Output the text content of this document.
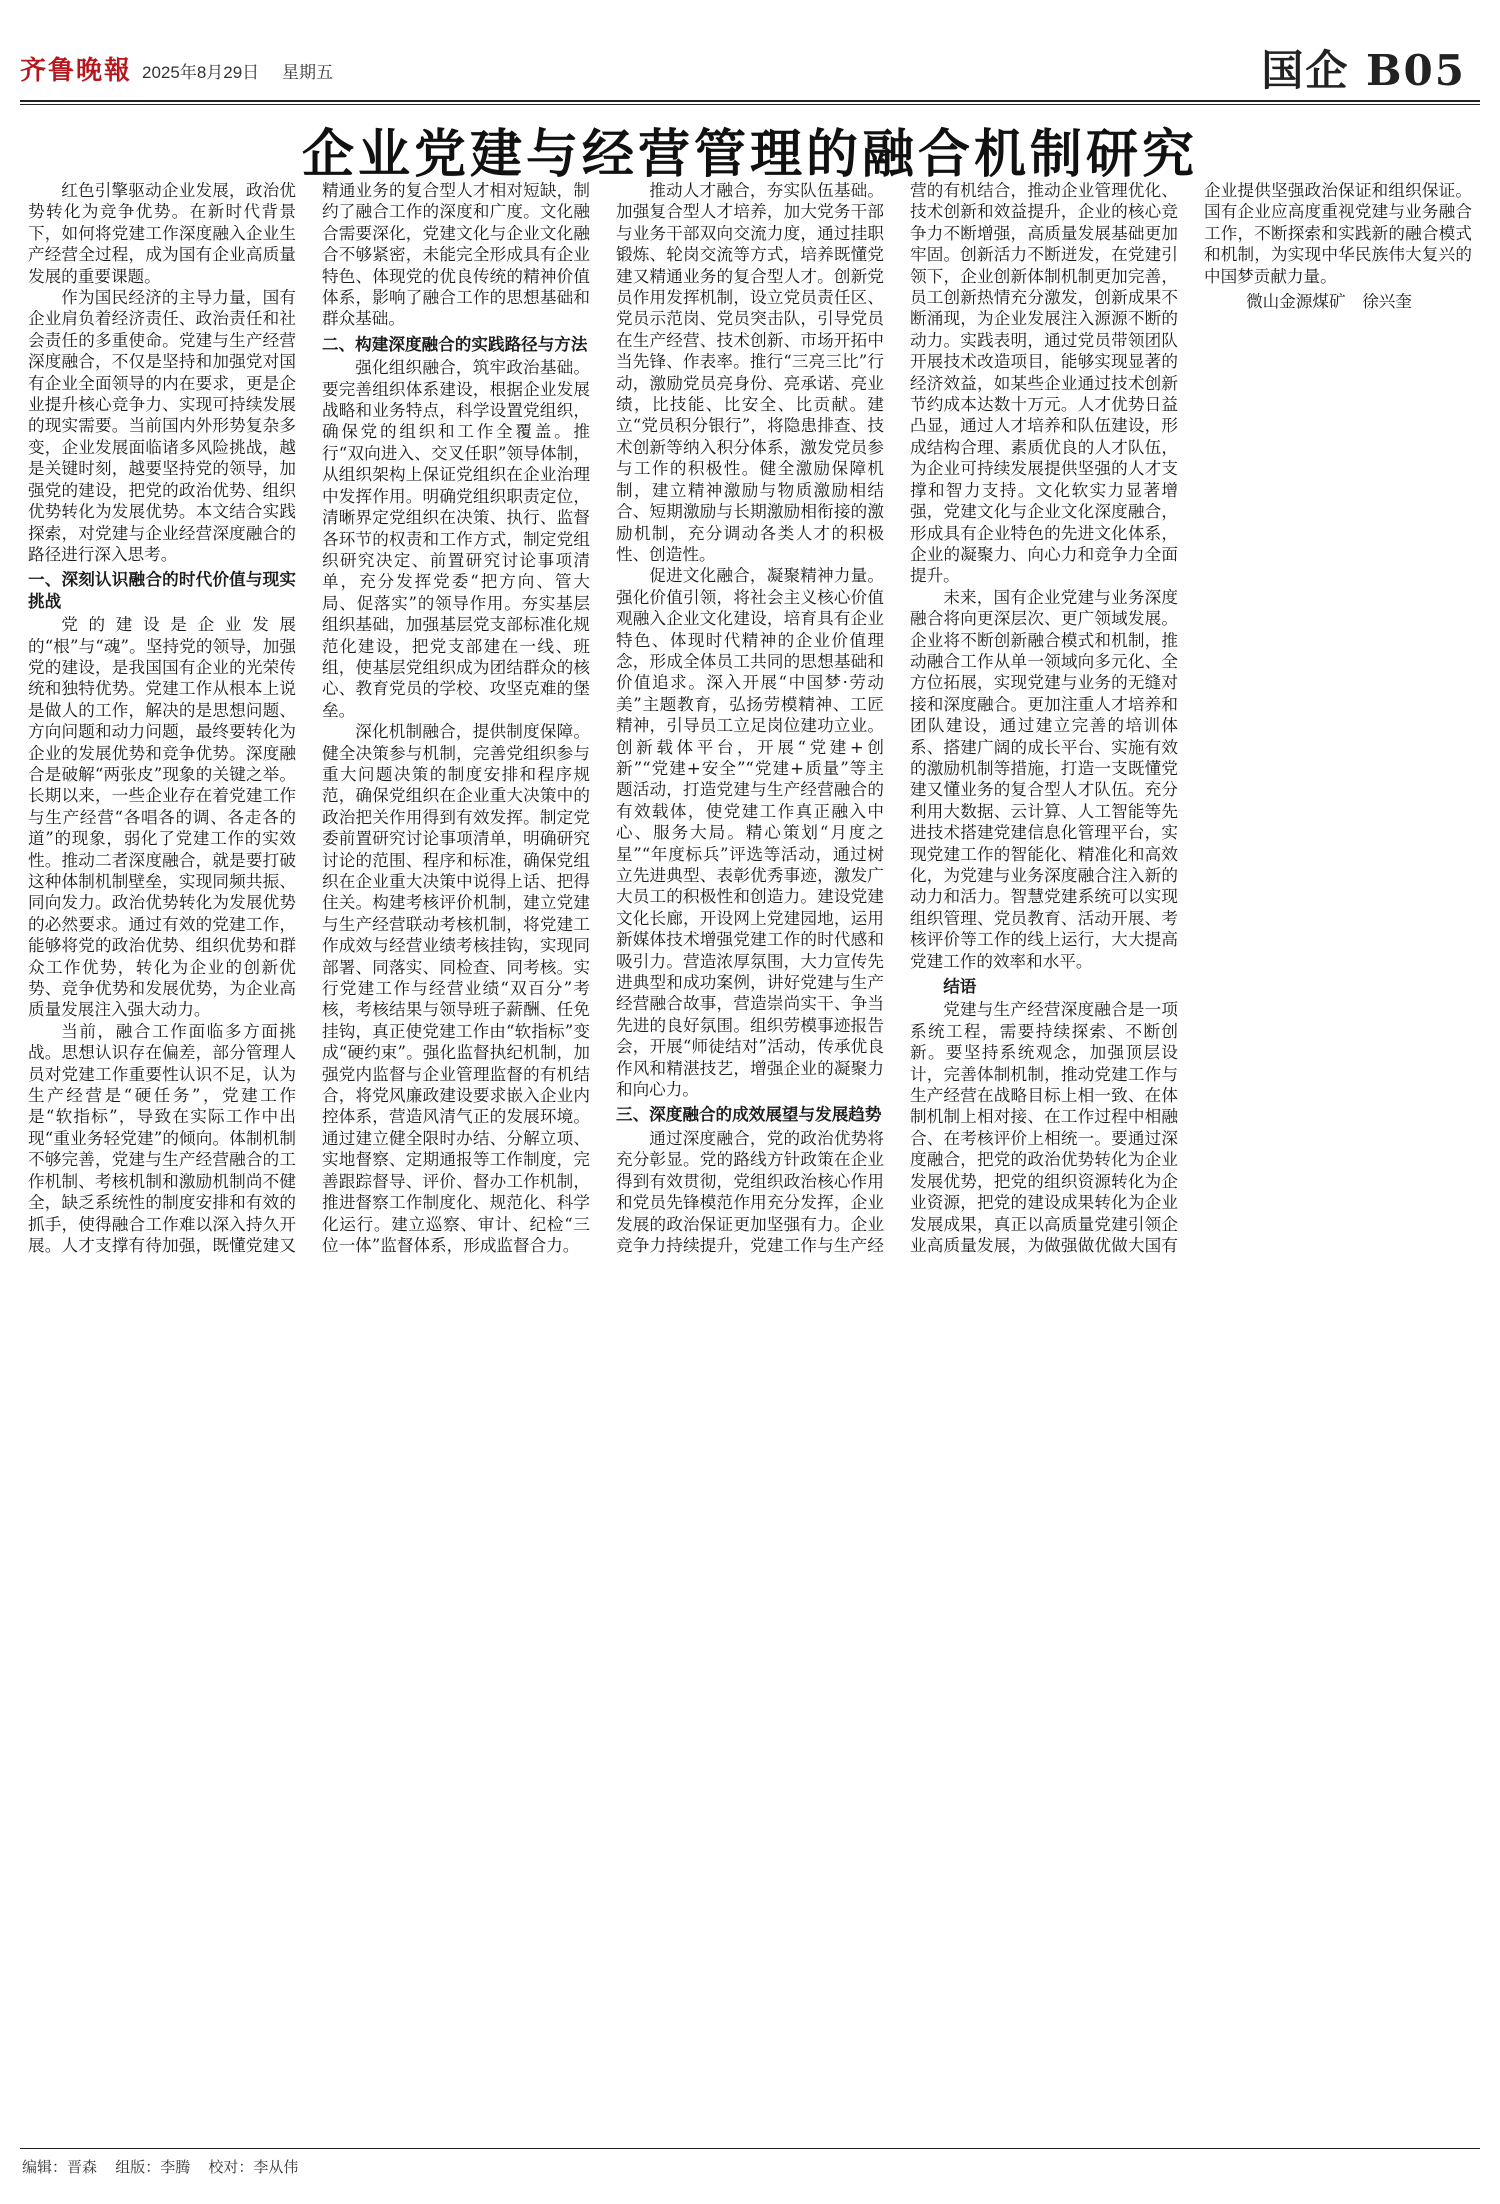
齐鲁晚報 2025年8月29日 星期五	国企 B05
企业党建与经营管理的融合机制研究

红色引擎驱动企业发展，政治优势转化为竞争优势。在新时代背景下，如何将党建工作深度融入企业生产经营全过程，成为国有企业高质量发展的重要课题。

作为国民经济的主导力量，国有企业肩负着经济责任、政治责任和社会责任的多重使命。党建与生产经营深度融合，不仅是坚持和加强党对国有企业全面领导的内在要求，更是企业提升核心竞争力、实现可持续发展的现实需要。当前国内外形势复杂多变，企业发展面临诸多风险挑战，越是关键时刻，越要坚持党的领导，加强党的建设，把党的政治优势、组织优势转化为发展优势。本文结合实践探索，对党建与企业经营深度融合的路径进行深入思考。

一、深刻认识融合的时代价值与现实挑战

党的建设是企业发展的“根”与“魂”。坚持党的领导，加强党的建设，是我国国有企业的光荣传统和独特优势。党建工作从根本上说是做人的工作，解决的是思想问题、方向问题和动力问题，最终要转化为企业的发展优势和竞争优势。深度融合是破解“两张皮”现象的关键之举。长期以来，一些企业存在着党建工作与生产经营“各唱各的调、各走各的道”的现象，弱化了党建工作的实效性。推动二者深度融合，就是要打破这种体制机制壁垒，实现同频共振、同向发力。政治优势转化为发展优势的必然要求。通过有效的党建工作，能够将党的政治优势、组织优势和群众工作优势，转化为企业的创新优势、竞争优势和发展优势，为企业高质量发展注入强大动力。

当前，融合工作面临多方面挑战。思想认识存在偏差，部分管理人员对党建工作重要性认识不足，认为生产经营是“硬任务”，党建工作是“软指标”，导致在实际工作中出现“重业务轻党建”的倾向。体制机制不够完善，党建与生产经营融合的工作机制、考核机制和激励机制尚不健全，缺乏系统性的制度安排和有效的抓手，使得融合工作难以深入持久开展。人才支撑有待加强，既懂党建又精通业务的复合型人才相对短缺，制约了融合工作的深度和广度。文化融合需要深化，党建文化与企业文化融合不够紧密，未能完全形成具有企业特色、体现党的优良传统的精神价值体系，影响了融合工作的思想基础和群众基础。

二、构建深度融合的实践路径与方法

强化组织融合，筑牢政治基础。要完善组织体系建设，根据企业发展战略和业务特点，科学设置党组织，确保党的组织和工作全覆盖。推行“双向进入、交叉任职”领导体制，从组织架构上保证党组织在企业治理中发挥作用。明确党组织职责定位，清晰界定党组织在决策、执行、监督各环节的权责和工作方式，制定党组织研究决定、前置研究讨论事项清单，充分发挥党委“把方向、管大局、促落实”的领导作用。夯实基层组织基础，加强基层党支部标准化规范化建设，把党支部建在一线、班组，使基层党组织成为团结群众的核心、教育党员的学校、攻坚克难的堡垒。

深化机制融合，提供制度保障。健全决策参与机制，完善党组织参与重大问题决策的制度安排和程序规范，确保党组织在企业重大决策中的政治把关作用得到有效发挥。制定党委前置研究讨论事项清单，明确研究讨论的范围、程序和标准，确保党组织在企业重大决策中说得上话、把得住关。构建考核评价机制，建立党建与生产经营联动考核机制，将党建工作成效与经营业绩考核挂钩，实现同部署、同落实、同检查、同考核。实行党建工作与经营业绩“双百分”考核，考核结果与领导班子薪酬、任免挂钩，真正使党建工作由“软指标”变成“硬约束”。强化监督执纪机制，加强党内监督与企业管理监督的有机结合，将党风廉政建设要求嵌入企业内控体系，营造风清气正的发展环境。通过建立健全限时办结、分解立项、实地督察、定期通报等工作制度，完善跟踪督导、评价、督办工作机制，推进督察工作制度化、规范化、科学化运行。建立巡察、审计、纪检“三位一体”监督体系，形成监督合力。

推动人才融合，夯实队伍基础。加强复合型人才培养，加大党务干部与业务干部双向交流力度，通过挂职锻炼、轮岗交流等方式，培养既懂党建又精通业务的复合型人才。创新党员作用发挥机制，设立党员责任区、党员示范岗、党员突击队，引导党员在生产经营、技术创新、市场开拓中当先锋、作表率。推行“三亮三比”行动，激励党员亮身份、亮承诺、亮业绩，比技能、比安全、比贡献。建立“党员积分银行”，将隐患排查、技术创新等纳入积分体系，激发党员参与工作的积极性。健全激励保障机制，建立精神激励与物质激励相结合、短期激励与长期激励相衔接的激励机制，充分调动各类人才的积极性、创造性。

促进文化融合，凝聚精神力量。强化价值引领，将社会主义核心价值观融入企业文化建设，培育具有企业特色、体现时代精神的企业价值理念，形成全体员工共同的思想基础和价值追求。深入开展“中国梦·劳动美”主题教育，弘扬劳模精神、工匠精神，引导员工立足岗位建功立业。创新载体平台，开展“党建+创新”“党建+安全”“党建+质量”等主题活动，打造党建与生产经营融合的有效载体，使党建工作真正融入中心、服务大局。精心策划“月度之星”“年度标兵”评选等活动，通过树立先进典型、表彰优秀事迹，激发广大员工的积极性和创造力。建设党建文化长廊，开设网上党建园地，运用新媒体技术增强党建工作的时代感和吸引力。营造浓厚氛围，大力宣传先进典型和成功案例，讲好党建与生产经营融合故事，营造崇尚实干、争当先进的良好氛围。组织劳模事迹报告会，开展“师徒结对”活动，传承优良作风和精湛技艺，增强企业的凝聚力和向心力。

三、深度融合的成效展望与发展趋势

通过深度融合，党的政治优势将充分彰显。党的路线方针政策在企业得到有效贯彻，党组织政治核心作用和党员先锋模范作用充分发挥，企业发展的政治保证更加坚强有力。企业竞争力持续提升，党建工作与生产经营的有机结合，推动企业管理优化、技术创新和效益提升，企业的核心竞争力不断增强，高质量发展基础更加牢固。创新活力不断迸发，在党建引领下，企业创新体制机制更加完善，员工创新热情充分激发，创新成果不断涌现，为企业发展注入源源不断的动力。实践表明，通过党员带领团队开展技术改造项目，能够实现显著的经济效益，如某些企业通过技术创新节约成本达数十万元。人才优势日益凸显，通过人才培养和队伍建设，形成结构合理、素质优良的人才队伍，为企业可持续发展提供坚强的人才支撑和智力支持。文化软实力显著增强，党建文化与企业文化深度融合，形成具有企业特色的先进文化体系，企业的凝聚力、向心力和竞争力全面提升。

未来，国有企业党建与业务深度融合将向更深层次、更广领域发展。企业将不断创新融合模式和机制，推动融合工作从单一领域向多元化、全方位拓展，实现党建与业务的无缝对接和深度融合。更加注重人才培养和团队建设，通过建立完善的培训体系、搭建广阔的成长平台、实施有效的激励机制等措施，打造一支既懂党建又懂业务的复合型人才队伍。充分利用大数据、云计算、人工智能等先进技术搭建党建信息化管理平台，实现党建工作的智能化、精准化和高效化，为党建与业务深度融合注入新的动力和活力。智慧党建系统可以实现组织管理、党员教育、活动开展、考核评价等工作的线上运行，大大提高党建工作的效率和水平。

结语

党建与生产经营深度融合是一项系统工程，需要持续探索、不断创新。要坚持系统观念，加强顶层设计，完善体制机制，推动党建工作与生产经营在战略目标上相一致、在体制机制上相对接、在工作过程中相融合、在考核评价上相统一。要通过深度融合，把党的政治优势转化为企业发展优势，把党的组织资源转化为企业资源，把党的建设成果转化为企业发展成果，真正以高质量党建引领企业高质量发展，为做强做优做大国有企业提供坚强政治保证和组织保证。国有企业应高度重视党建与业务融合工作，不断探索和实践新的融合模式和机制，为实现中华民族伟大复兴的中国梦贡献力量。

微山金源煤矿　徐兴奎

编辑：晋森 组版：李腾 校对：李从伟
